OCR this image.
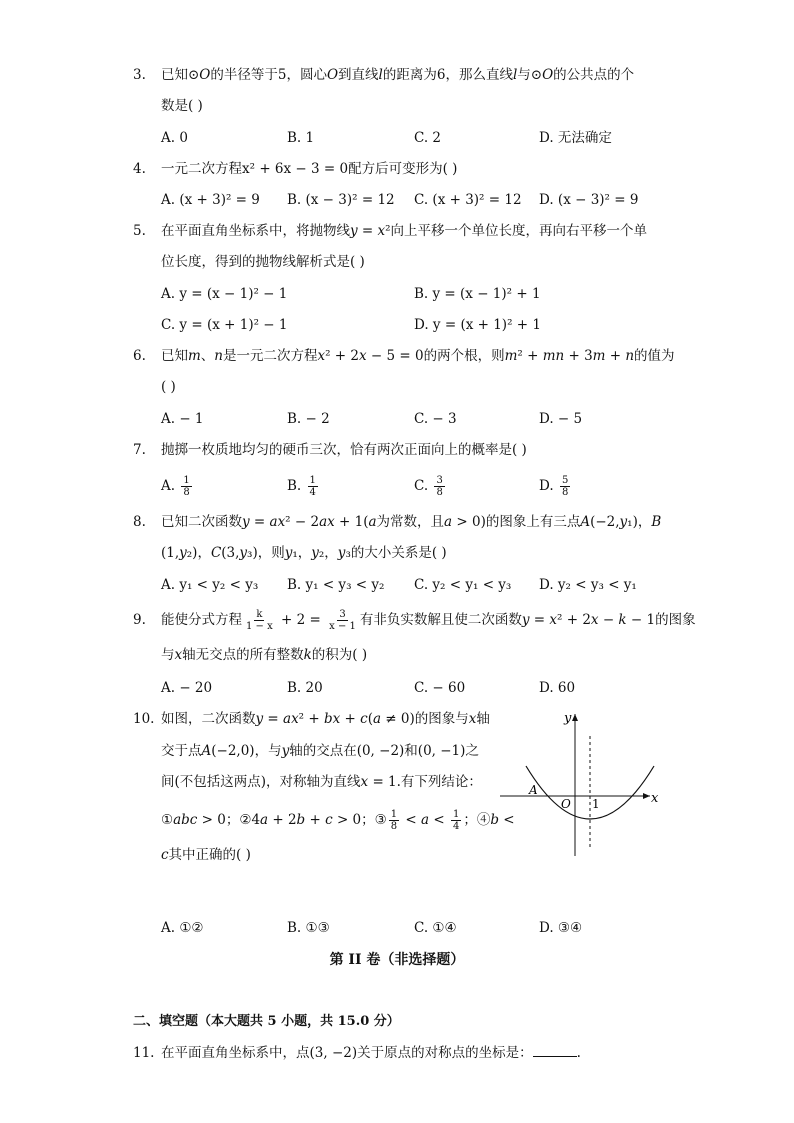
3.	已知⊙𝑂的半径等于5，圆心𝑂到直线𝑙的距离为6，那么直线𝑙与⊙𝑂的公共点的个
数是( )
A. 0	B. 1	C. 2	D. 无法确定
4.	一元二次方程x² + 6x − 3 = 0配方后可变形为( )
A. (x + 3)² = 9 B. (x − 3)² = 12 C. (x + 3)² = 12 D. (x − 3)² = 9
5.	在平面直角坐标系中，将抛物线𝑦 = 𝑥²向上平移一个单位长度，再向右平移一个单
位长度，得到的抛物线解析式是( )
A. y = (x − 1)² − 1	B. y = (x − 1)² + 1
C. y = (x + 1)² − 1	D. y = (x + 1)² + 1
6.	已知𝑚、𝑛是一元二次方程𝑥² + 2𝑥 − 5 = 0的两个根，则𝑚² + 𝑚𝑛 + 3𝑚 + 𝑛的值为
( )
A. − 1	B. − 2	C. − 3	D. − 5
7.	抛掷一枚质地均匀的硬币三次，恰有两次正面向上的概率是( )
A. $\frac{1}{8}$	B. $\frac{1}{4}$	C. $\frac{3}{8}$	D. $\frac{5}{8}$
8.	已知二次函数𝑦 = 𝑎𝑥² − 2𝑎𝑥 + 1(𝑎为常数，且𝑎 > 0)的图象上有三点𝐴(−2,𝑦₁)，𝐵
(1,𝑦₂)，𝐶(3,𝑦₃)，则𝑦₁，𝑦₂，𝑦₃的大小关系是( )
A. y₁ < y₂ < y₃ B. y₁ < y₃ < y₂ C. y₂ < y₁ < y₃ D. y₂ < y₃ < y₁
9.	能使分式方程 $\frac{k}{1 - x} + 2 = \frac{3}{x - 1}$ 有非负实数解且使二次函数𝑦 = 𝑥² + 2𝑥 − 𝑘 − 1的图象
与𝑥轴无交点的所有整数𝑘的积为( )
A. − 20	B. 20	C. − 60	D. 60
10. 如图，二次函数𝑦 = 𝑎𝑥² + 𝑏𝑥 + 𝑐(𝑎 ≠ 0)的图象与𝑥轴
交于点𝐴(−2,0)，与𝑦轴的交点在(0, −2)和(0, −1)之
间(不包括这两点)，对称轴为直线𝑥 = 1.有下列结论：
①𝑎𝑏𝑐 > 0；②4𝑎 + 2𝑏 + 𝑐 > 0；③ $\frac{1}{8}$ < 𝑎 < $\frac{1}{4}$ ；④𝑏 <
𝑐其中正确的( )
y
x
A
O 1
A. ①②	B. ①③	C. ①④	D. ③④
第 II 卷（非选择题）
二、填空题（本大题共 5 小题，共 15.0 分）
11. 在平面直角坐标系中，点(3, −2)关于原点的对称点的坐标是：	.
